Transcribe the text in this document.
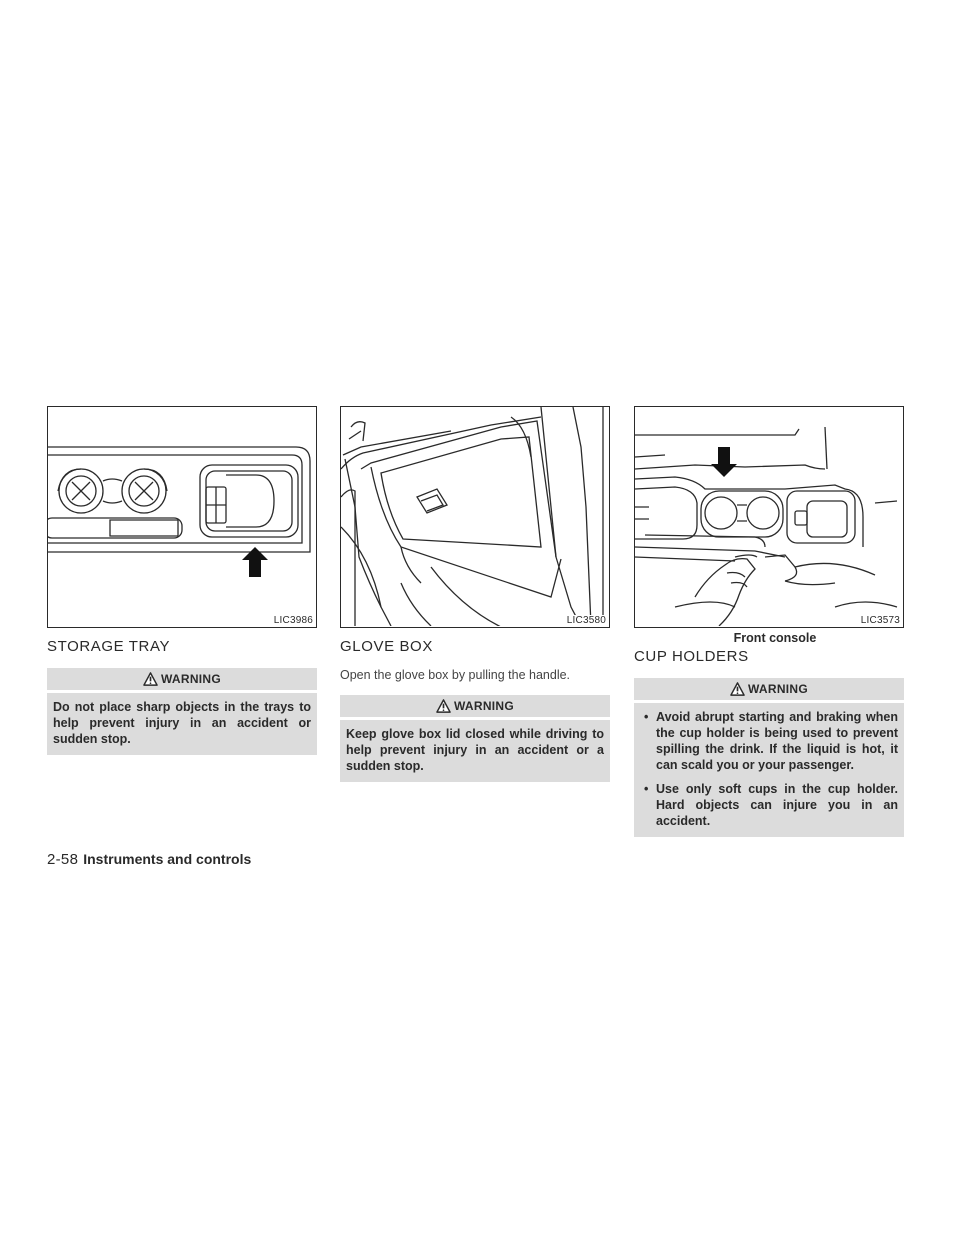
LIC3986
STORAGE TRAY
WARNING
Do not place sharp objects in the trays to help prevent injury in an accident or sudden stop.
LIC3580
GLOVE BOX

Open the glove box by pulling the handle.

WARNING
Keep glove box lid closed while driving to help prevent injury in an accident or a sudden stop.
LIC3573
Front console
CUP HOLDERS
WARNING
• Avoid abrupt starting and braking when the cup holder is being used to prevent spilling the drink. If the liquid is hot, it can scald you or your passenger.
• Use only soft cups in the cup holder. Hard objects can injure you in an accident.
2-58 Instruments and controls
